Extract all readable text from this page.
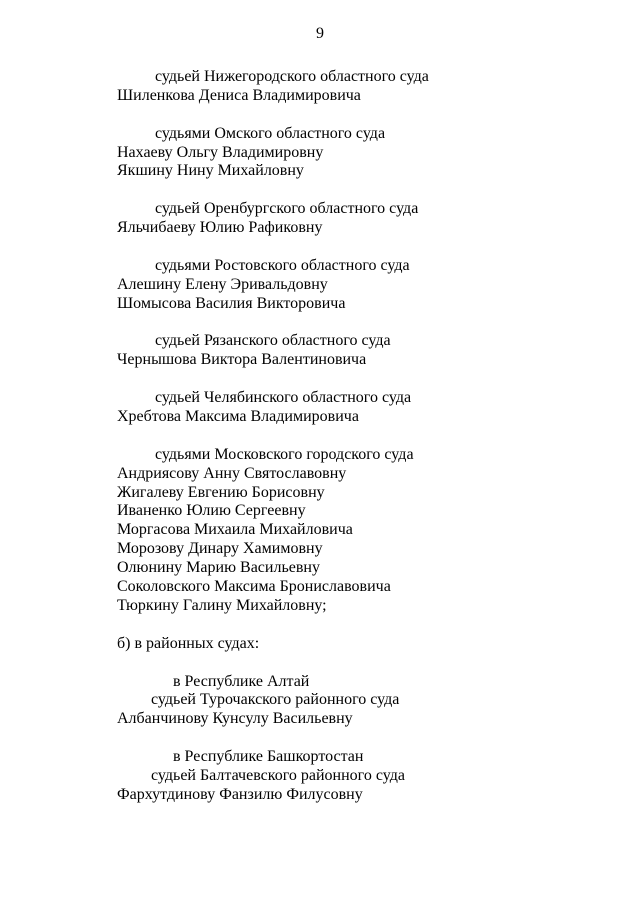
9
судьей Нижегородского областного суда
Шиленкова Дениса Владимировича
судьями Омского областного суда
Нахаеву Ольгу Владимировну
Якшину Нину Михайловну
судьей Оренбургского областного суда
Яльчибаеву Юлию Рафиковну
судьями Ростовского областного суда
Алешину Елену Эривальдовну
Шомысова Василия Викторовича
судьей Рязанского областного суда
Чернышова Виктора Валентиновича
судьей Челябинского областного суда
Хребтова Максима Владимировича
судьями Московского городского суда
Андриясову Анну Святославовну
Жигалеву Евгению Борисовну
Иваненко Юлию Сергеевну
Моргасова Михаила Михайловича
Морозову Динару Хамимовну
Олюнину Марию Васильевну
Соколовского Максима Брониславовича
Тюркину Галину Михайловну;
б) в районных судах:
в Республике Алтай
судьей Турочакского районного суда
Албанчинову Кунсулу Васильевну
в Республике Башкортостан
судьей Балтачевского районного суда
Фархутдинову Фанзилю Филусовну
